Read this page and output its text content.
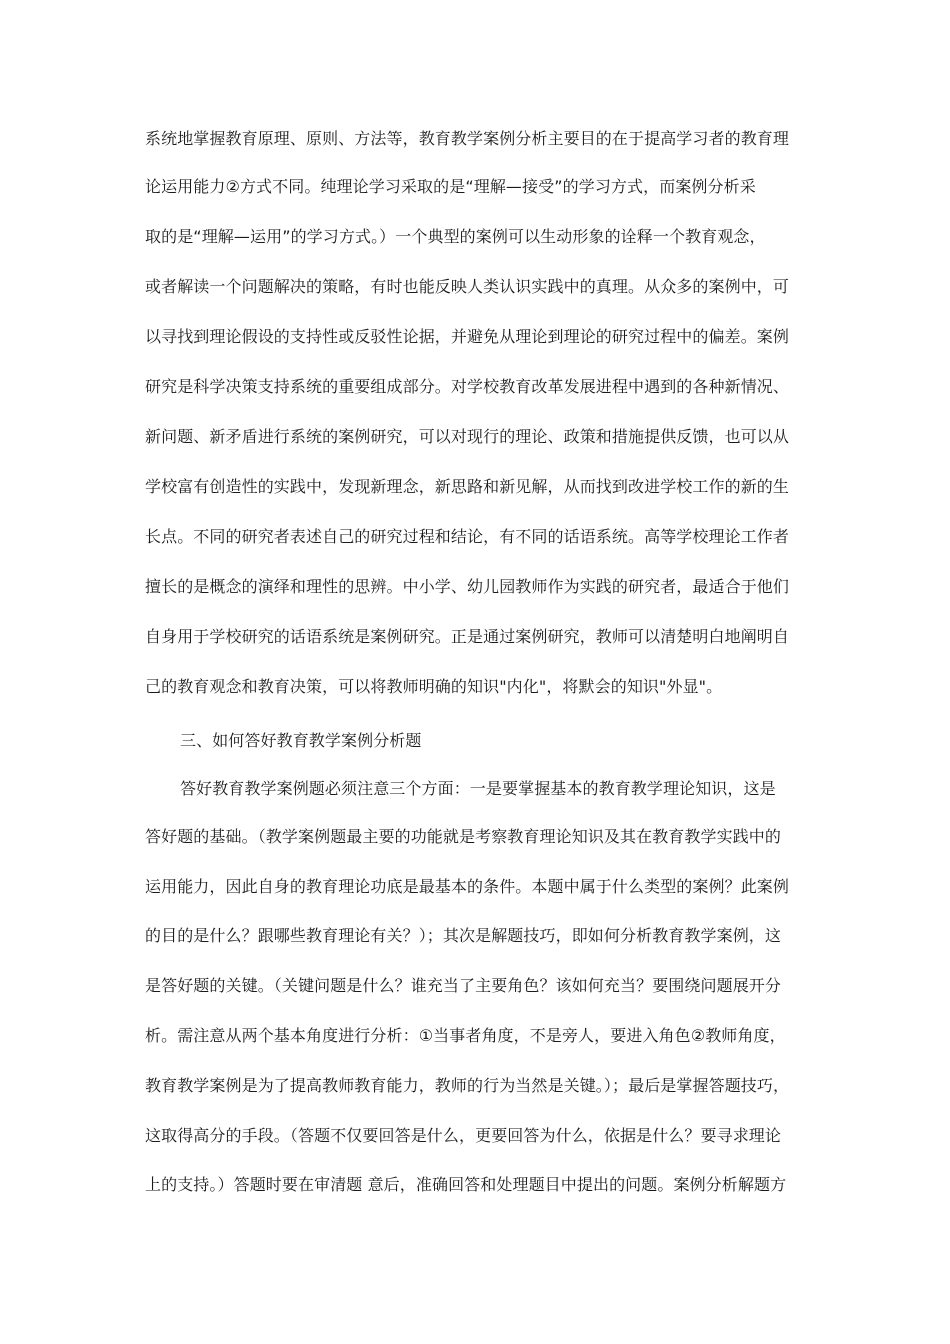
系统地掌握教育原理、原则、方法等，教育教学案例分析主要目的在于提高学习者的教育理
论运用能力②方式不同。纯理论学习采取的是“理解—接受”的学习方式，而案例分析采
取的是“理解—运用”的学习方式。）一个典型的案例可以生动形象的诠释一个教育观念，
或者解读一个问题解决的策略，有时也能反映人类认识实践中的真理。从众多的案例中，可
以寻找到理论假设的支持性或反驳性论据，并避免从理论到理论的研究过程中的偏差。案例
研究是科学决策支持系统的重要组成部分。对学校教育改革发展进程中遇到的各种新情况、
新问题、新矛盾进行系统的案例研究，可以对现行的理论、政策和措施提供反馈，也可以从
学校富有创造性的实践中，发现新理念，新思路和新见解，从而找到改进学校工作的新的生
长点。不同的研究者表述自己的研究过程和结论，有不同的话语系统。高等学校理论工作者
擅长的是概念的演绎和理性的思辨。中小学、幼儿园教师作为实践的研究者，最适合于他们
自身用于学校研究的话语系统是案例研究。正是通过案例研究，教师可以清楚明白地阐明自
己的教育观念和教育决策，可以将教师明确的知识"内化"，将默会的知识"外显"。
三、如何答好教育教学案例分析题
答好教育教学案例题必须注意三个方面：一是要掌握基本的教育教学理论知识，这是
答好题的基础。（教学案例题最主要的功能就是考察教育理论知识及其在教育教学实践中的
运用能力，因此自身的教育理论功底是最基本的条件。本题中属于什么类型的案例？此案例
的目的是什么？跟哪些教育理论有关？）；其次是解题技巧，即如何分析教育教学案例，这
是答好题的关键。（关键问题是什么？谁充当了主要角色？该如何充当？要围绕问题展开分
析。需注意从两个基本角度进行分析：①当事者角度，不是旁人，要进入角色②教师角度，
教育教学案例是为了提高教师教育能力，教师的行为当然是关键。）；最后是掌握答题技巧，
这取得高分的手段。（答题不仅要回答是什么，更要回答为什么，依据是什么？要寻求理论
上的支持。）答题时要在审清题 意后，准确回答和处理题目中提出的问题。案例分析解题方
